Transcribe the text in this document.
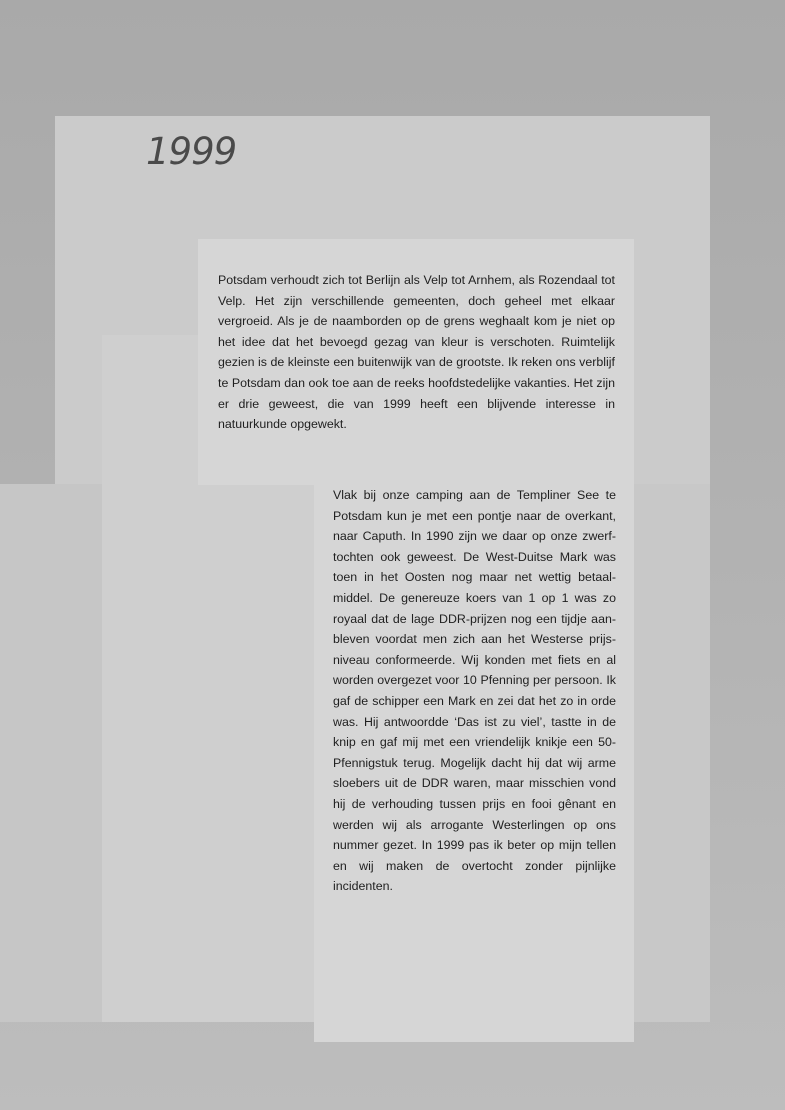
1999

Potsdam verhoudt zich tot Berlijn als Velp tot Arnhem, als Rozendaal tot Velp. Het zijn verschillende gemeenten, doch geheel met elkaar vergroeid. Als je de naamborden op de grens weghaalt kom je niet op het idee dat het bevoegd gezag van kleur is verschoten. Ruimtelijk gezien is de kleinste een buitenwijk van de grootste. Ik reken ons verblijf te Potsdam dan ook toe aan de reeks hoofdstedelijke vakanties. Het zijn er drie geweest, die van 1999 heeft een blijvende interesse in natuurkunde opgewekt.

Vlak bij onze camping aan de Templiner See te Potsdam kun je met een pontje naar de overkant, naar Caputh. In 1990 zijn we daar op onze zwerftochten ook geweest. De West-Duitse Mark was toen in het Oosten nog maar net wettig betaalmiddel. De genereuze koers van 1 op 1 was zo royaal dat de lage DDR-prijzen nog een tijdje aanbleven voordat men zich aan het Westerse prijsniveau conformeerde. Wij konden met fiets en al worden overgezet voor 10 Pfenning per persoon. Ik gaf de schipper een Mark en zei dat het zo in orde was. Hij antwoordde ‘Das ist zu viel’, tastte in de knip en gaf mij met een vriendelijk knikje een 50-Pfennigstuk terug. Mogelijk dacht hij dat wij arme sloebers uit de DDR waren, maar misschien vond hij de verhouding tussen prijs en fooi gênant en werden wij als arrogante Westerlingen op ons nummer gezet. In 1999 pas ik beter op mijn tellen en wij maken de overtocht zonder pijnlijke incidenten.
